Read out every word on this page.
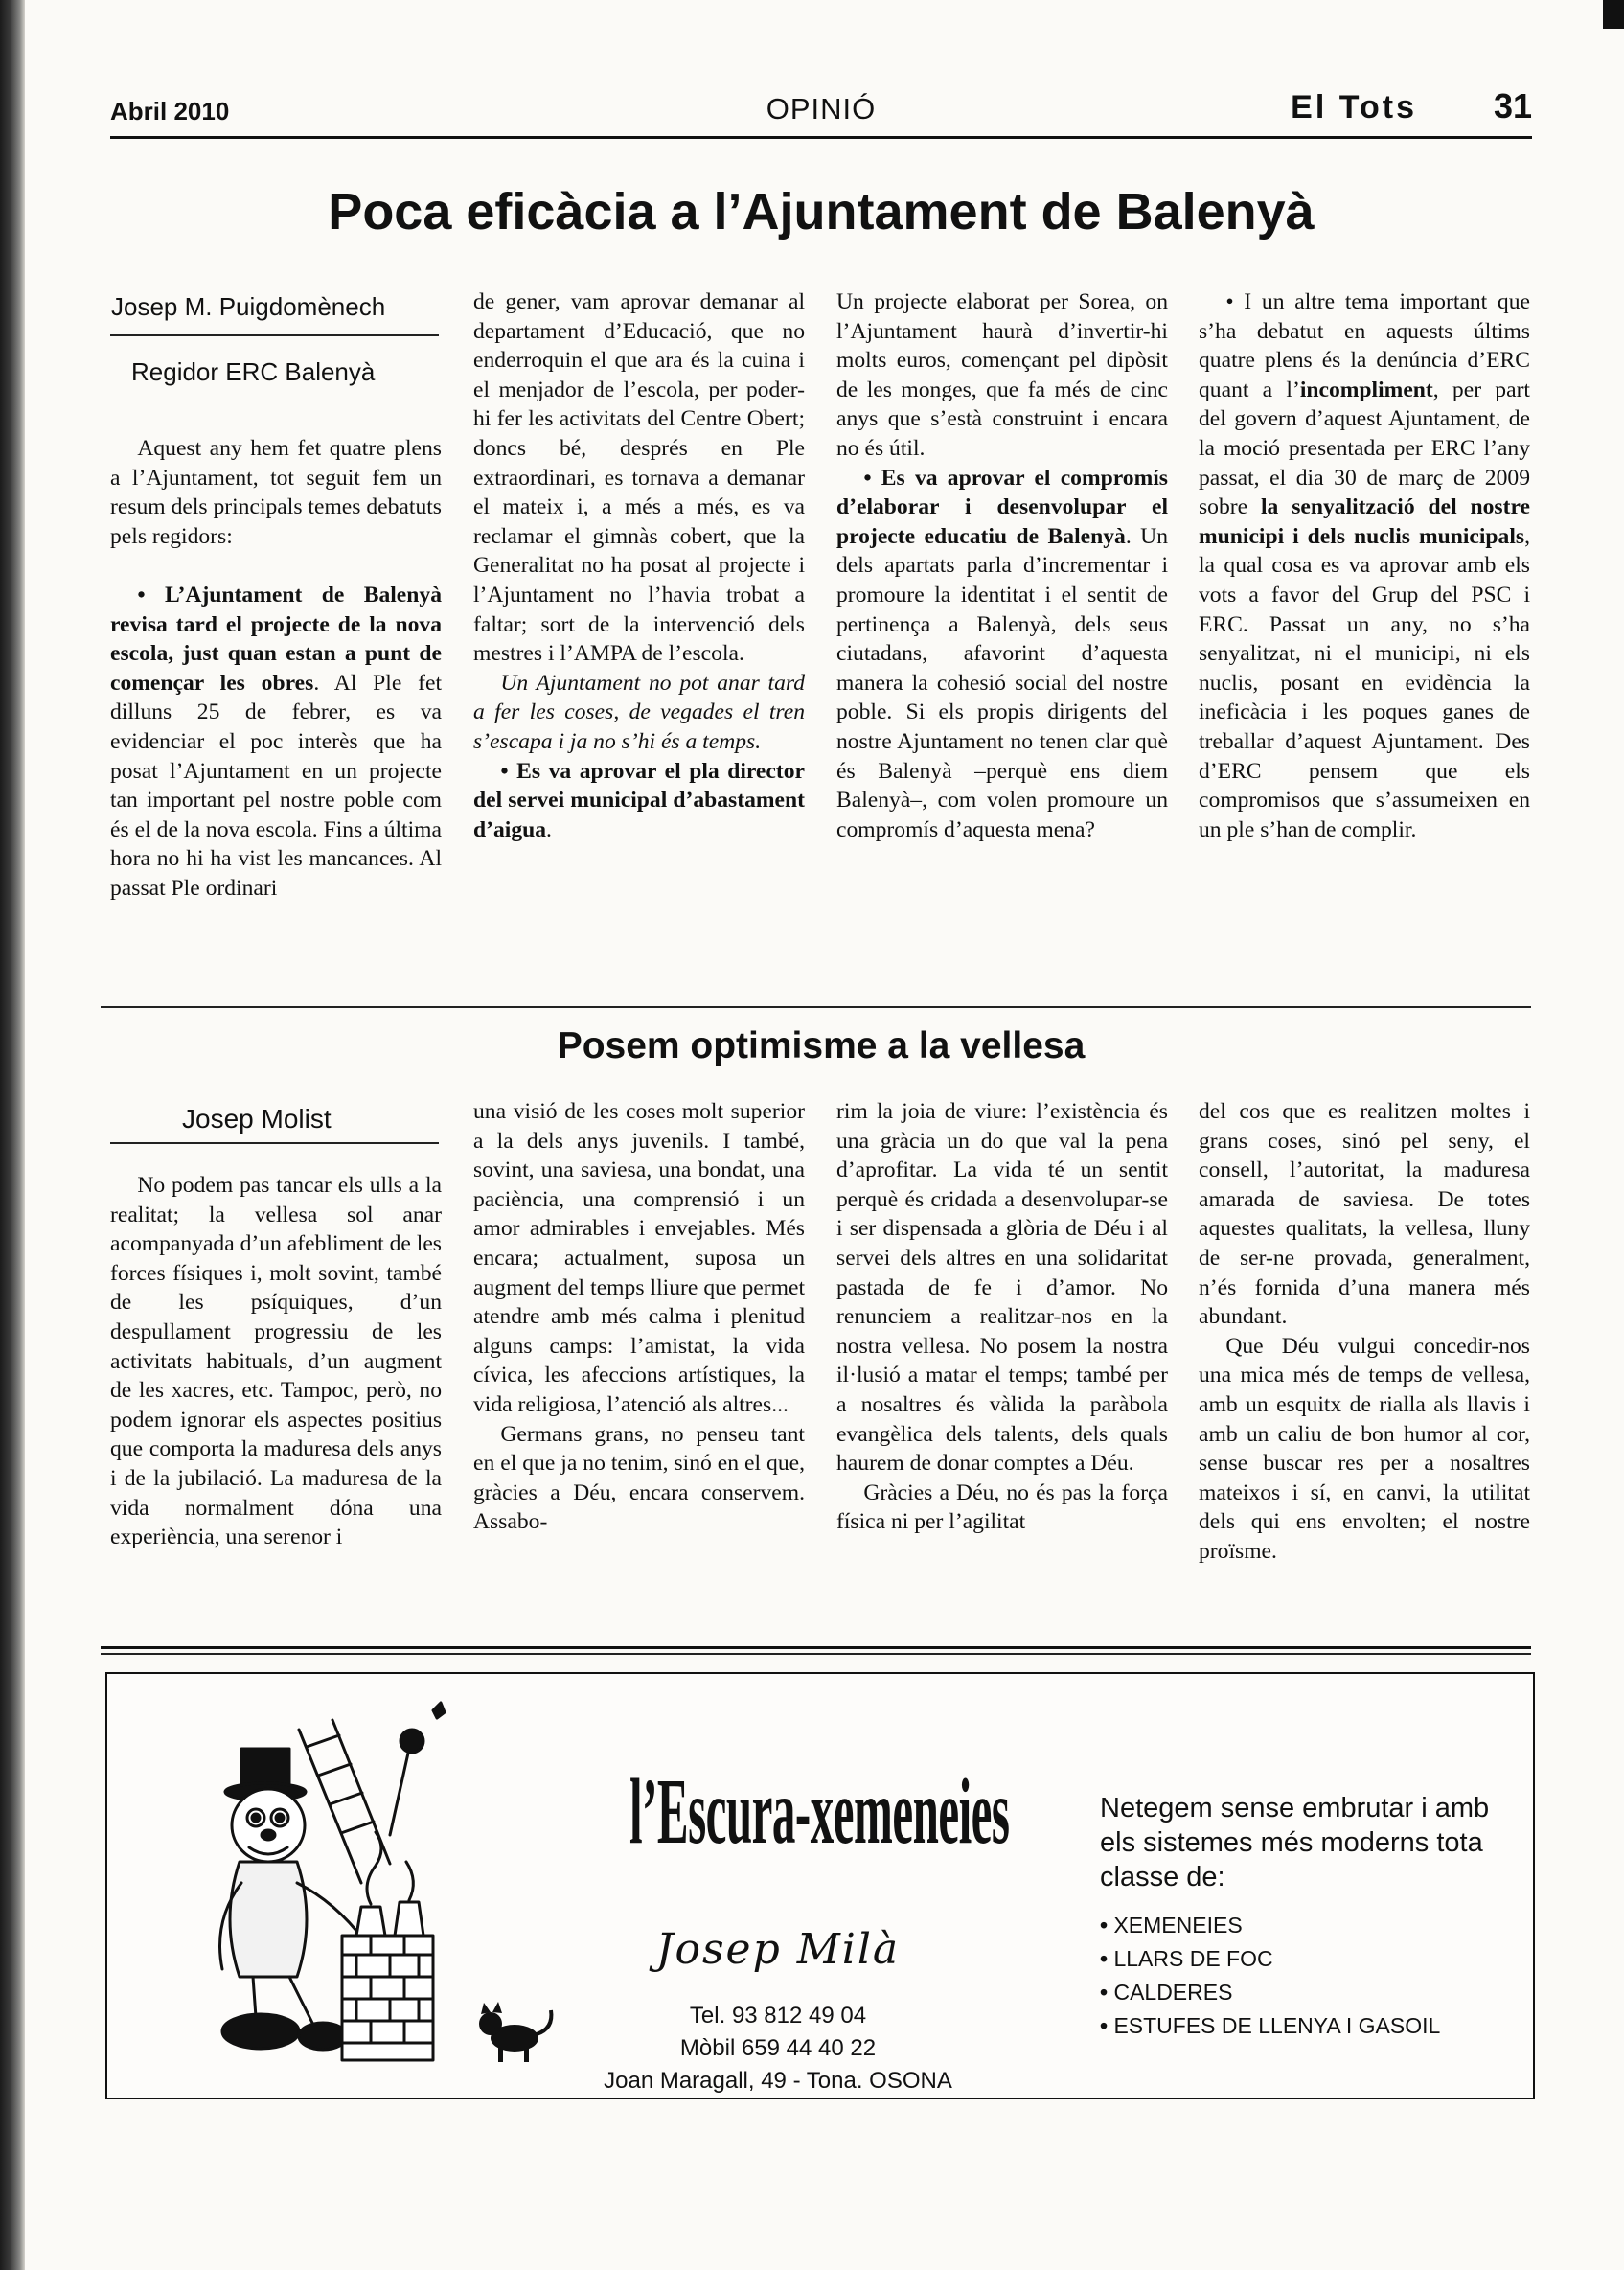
Abril 2010	OPINIÓ	El Tots 31
Poca eficàcia a l’Ajuntament de Balenyà
Josep M. Puigdomènech
Regidor ERC Balenyà

Aquest any hem fet quatre plens a l’Ajuntament, tot seguit fem un resum dels principals temes debatuts pels regidors:

• L’Ajuntament de Balenyà revisa tard el projecte de la nova escola, just quan estan a punt de començar les obres. Al Ple fet dilluns 25 de febrer, es va evidenciar el poc interès que ha posat l’Ajuntament en un projecte tan important pel nostre poble com és el de la nova escola. Fins a última hora no hi ha vist les mancances. Al passat Ple ordinari

de gener, vam aprovar demanar al departament d’Educació, que no enderroquin el que ara és la cuina i el menjador de l’escola, per poder-hi fer les activitats del Centre Obert; doncs bé, després en Ple extraordinari, es tornava a demanar el mateix i, a més a més, es va reclamar el gimnàs cobert, que la Generalitat no ha posat al projecte i l’Ajuntament no l’havia trobat a faltar; sort de la intervenció dels mestres i l’AMPA de l’escola.

Un Ajuntament no pot anar tard a fer les coses, de vegades el tren s’escapa i ja no s’hi és a temps.

• Es va aprovar el pla director del servei municipal d’abastament d’aigua.

Un projecte elaborat per Sorea, on l’Ajuntament haurà d’invertir-hi molts euros, començant pel dipòsit de les monges, que fa més de cinc anys que s’està construint i encara no és útil.

• Es va aprovar el compromís d’elaborar i desenvolupar el projecte educatiu de Balenyà. Un dels apartats parla d’incrementar i promoure la identitat i el sentit de pertinença a Balenyà, dels seus ciutadans, afavorint d’aquesta manera la cohesió social del nostre poble. Si els propis dirigents del nostre Ajuntament no tenen clar què és Balenyà –perquè ens diem Balenyà–, com volen promoure un compromís d’aquesta mena?

• I un altre tema important que s’ha debatut en aquests últims quatre plens és la denúncia d’ERC quant a l’incompliment, per part del govern d’aquest Ajuntament, de la moció presentada per ERC l’any passat, el dia 30 de març de 2009 sobre la senyalització del nostre municipi i dels nuclis municipals, la qual cosa es va aprovar amb els vots a favor del Grup del PSC i ERC. Passat un any, no s’ha senyalitzat, ni el municipi, ni els nuclis, posant en evidència la ineficàcia i les poques ganes de treballar d’aquest Ajuntament. Des d’ERC pensem que els compromisos que s’assumeixen en un ple s’han de complir.

Posem optimisme a la vellesa
Josep Molist

No podem pas tancar els ulls a la realitat; la vellesa sol anar acompanyada d’un afebliment de les forces físiques i, molt sovint, també de les psíquiques, d’un despullament progressiu de les activitats habituals, d’un augment de les xacres, etc. Tampoc, però, no podem ignorar els aspectes positius que comporta la maduresa dels anys i de la jubilació. La maduresa de la vida normalment dóna una experiència, una serenor i

una visió de les coses molt superior a la dels anys juvenils. I també, sovint, una saviesa, una bondat, una paciència, una comprensió i un amor admirables i envejables. Més encara; actualment, suposa un augment del temps lliure que permet atendre amb més calma i plenitud alguns camps: l’amistat, la vida cívica, les afeccions artístiques, la vida religiosa, l’atenció als altres...

Germans grans, no penseu tant en el que ja no tenim, sinó en el que, gràcies a Déu, encara conservem. Assabo-

rim la joia de viure: l’existència és una gràcia un do que val la pena d’aprofitar. La vida té un sentit perquè és cridada a desenvolupar-se i ser dispensada a glòria de Déu i al servei dels altres en una solidaritat pastada de fe i d’amor. No renunciem a realitzar-nos en la nostra vellesa. No posem la nostra il·lusió a matar el temps; també per a nosaltres és vàlida la paràbola evangèlica dels talents, dels quals haurem de donar comptes a Déu.

Gràcies a Déu, no és pas la força física ni per l’agilitat

del cos que es realitzen moltes i grans coses, sinó pel seny, el consell, l’autoritat, la maduresa amarada de saviesa. De totes aquestes qualitats, la vellesa, lluny de ser-ne provada, generalment, n’és fornida d’una manera més abundant.

Que Déu vulgui concedir-nos una mica més de temps de vellesa, amb un esquitx de rialla als llavis i amb un caliu de bon humor al cor, sense buscar res per a nosaltres mateixos i sí, en canvi, la utilitat dels qui ens envolten; el nostre proïsme.

l’Escura-xemeneies
Josep Milà
Tel. 93 812 49 04
Mòbil 659 44 40 22
Joan Maragall, 49 - Tona. OSONA
Netegem sense embrutar i amb els sistemes més moderns tota classe de:
• XEMENEIES
• LLARS DE FOC
• CALDERES
• ESTUFES DE LLENYA I GASOIL
